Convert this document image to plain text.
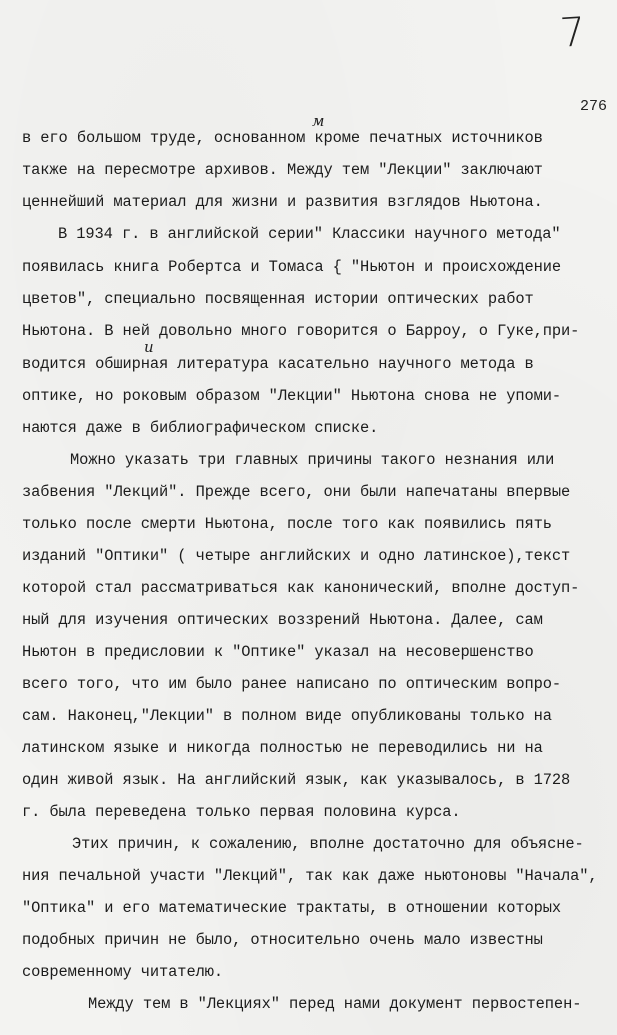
7
276
м
и
в его большом труде, основанном кроме печатных источников
также на пересмотре архивов. Между тем "Лекции" заключают
ценнейший материал для жизни и развития взглядов Ньютона.
В 1934 г. в английской серии" Классики научного метода"
появилась книга Робертса и Томаса { "Ньютон и происхождение
цветов", специально посвященная истории оптических работ
Ньютона. В ней довольно много говорится о Барроу, о Гуке,при-
водится обширная литература касательно научного метода в
оптике, но роковым образом "Лекции" Ньютона снова не упоми-
наются даже в библиографическом списке.
Можно указать три главных причины такого незнания или
забвения "Лекций". Прежде всего, они были напечатаны впервые
только после смерти Ньютона, после того как появились пять
изданий "Оптики" ( четыре английских и одно латинское),текст
которой стал рассматриваться как канонический, вполне доступ-
ный для изучения оптических воззрений Ньютона. Далее, сам
Ньютон в предисловии к "Оптике" указал на несовершенство
всего того, что им было ранее написано по оптическим вопро-
сам. Наконец,"Лекции" в полном виде опубликованы только на
латинском языке и никогда полностью не переводились ни на
один живой язык. На английский язык, как указывалось, в 1728
г. была переведена только первая половина курса.
Этих причин, к сожалению, вполне достаточно для объясне-
ния печальной участи "Лекций", так как даже ньютоновы "Начала",
"Оптика" и его математические трактаты, в отношении которых
подобных причин не было, относительно очень мало известны
современному читателю.
Между тем в "Лекциях" перед нами документ первостепен-
